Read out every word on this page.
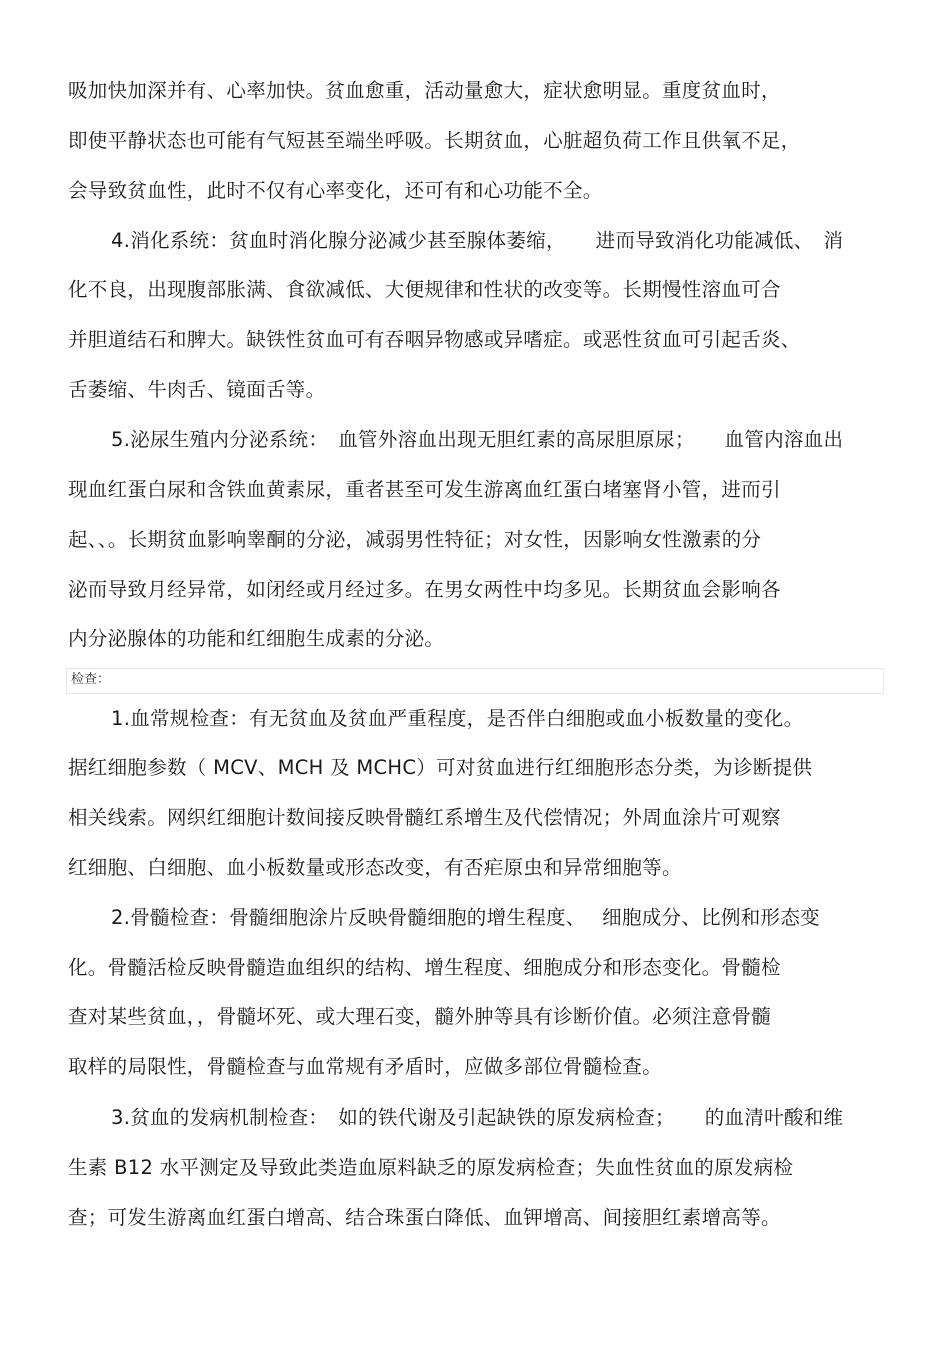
吸加快加深并有、心率加快。贫血愈重，活动量愈大，症状愈明显。重度贫血时，
即使平静状态也可能有气短甚至端坐呼吸。长期贫血，心脏超负荷工作且供氧不足，
会导致贫血性，此时不仅有心率变化，还可有和心功能不全。
4.消化系统：贫血时消化腺分泌减少甚至腺体萎缩，　　进而导致消化功能减低、　消
化不良，出现腹部胀满、食欲减低、大便规律和性状的改变等。长期慢性溶血可合
并胆道结石和脾大。缺铁性贫血可有吞咽异物感或异嗜症。或恶性贫血可引起舌炎、
舌萎缩、牛肉舌、镜面舌等。
5.泌尿生殖内分泌系统：　血管外溶血出现无胆红素的高尿胆原尿；　　血管内溶血出
现血红蛋白尿和含铁血黄素尿，重者甚至可发生游离血红蛋白堵塞肾小管，进而引
起、、。长期贫血影响睾酮的分泌，减弱男性特征；对女性，因影响女性激素的分
泌而导致月经异常，如闭经或月经过多。在男女两性中均多见。长期贫血会影响各
内分泌腺体的功能和红细胞生成素的分泌。
检查：
1.血常规检查：有无贫血及贫血严重程度，是否伴白细胞或血小板数量的变化。
据红细胞参数（ MCV、MCH 及 MCHC）可对贫血进行红细胞形态分类，为诊断提供
相关线索。网织红细胞计数间接反映骨髓红系增生及代偿情况；外周血涂片可观察
红细胞、白细胞、血小板数量或形态改变，有否疟原虫和异常细胞等。
2.骨髓检查：骨髓细胞涂片反映骨髓细胞的增生程度、　 细胞成分、比例和形态变
化。骨髓活检反映骨髓造血组织的结构、增生程度、细胞成分和形态变化。骨髓检
查对某些贫血，，骨髓坏死、或大理石变，髓外肿等具有诊断价值。必须注意骨髓
取样的局限性，骨髓检查与血常规有矛盾时，应做多部位骨髓检查。
3.贫血的发病机制检查：　如的铁代谢及引起缺铁的原发病检查；　　的血清叶酸和维
生素 B12 水平测定及导致此类造血原料缺乏的原发病检查；失血性贫血的原发病检
查；可发生游离血红蛋白增高、结合珠蛋白降低、血钾增高、间接胆红素增高等。
